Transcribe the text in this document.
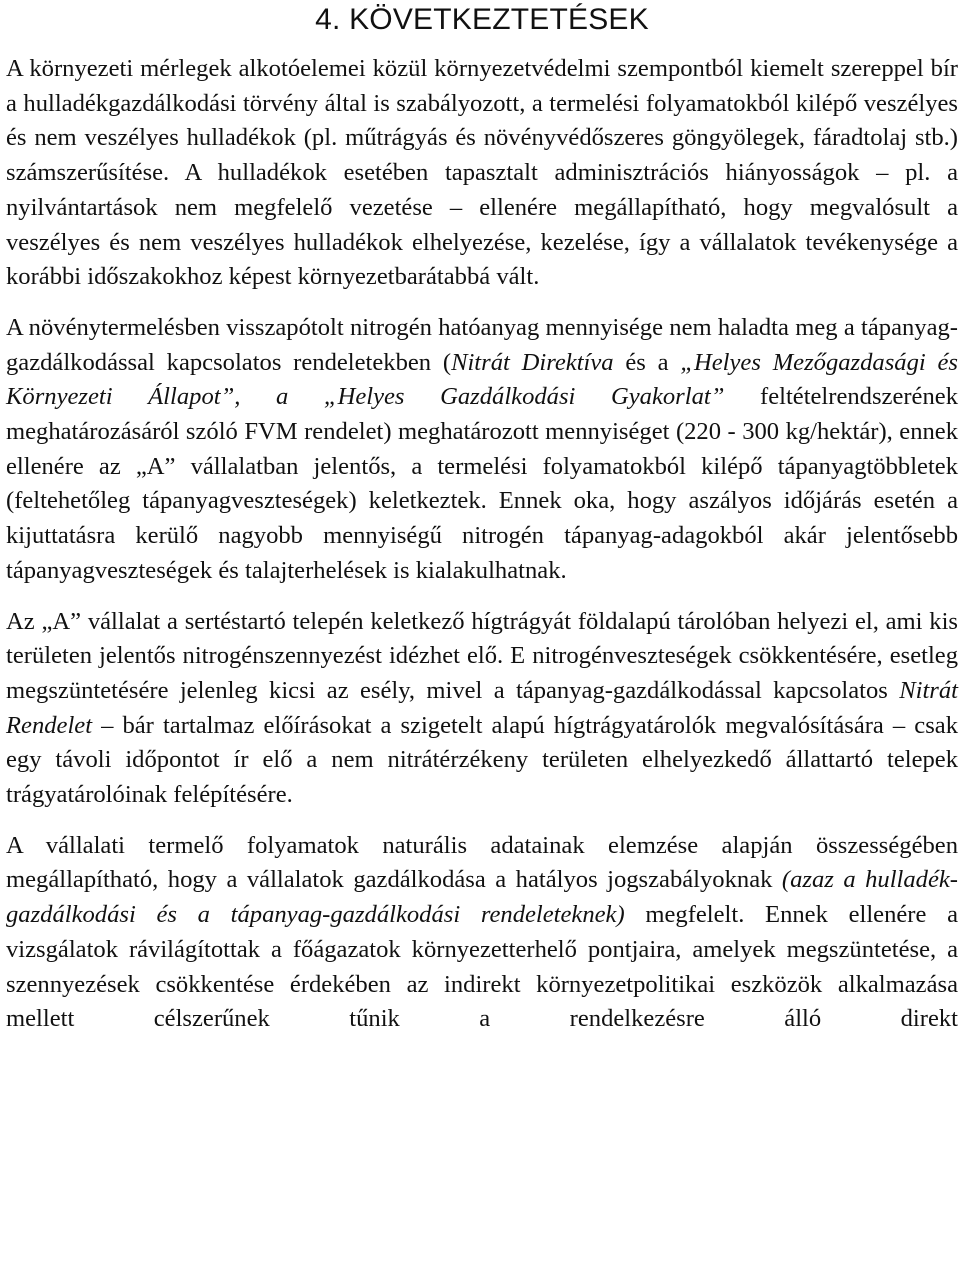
4. KÖVETKEZTETÉSEK

A környezeti mérlegek alkotóelemei közül környezetvédelmi szempontból kiemelt szereppel bír a hulladékgazdálkodási törvény által is szabályozott, a termelési folyamatokból kilépő veszélyes és nem veszélyes hulladékok (pl. műtrágyás és növényvédőszeres göngyölegek, fáradtolaj stb.) számszerűsítése. A hulladékok esetében tapasztalt adminisztrációs hiányosságok – pl. a nyilvántartások nem megfelelő vezetése – ellenére megállapítható, hogy megvalósult a veszélyes és nem veszélyes hulladékok elhelyezése, kezelése, így a vállalatok tevékenysége a korábbi időszakokhoz képest környezetbarátabbá vált.

A növénytermelésben visszapótolt nitrogén hatóanyag mennyisége nem haladta meg a tápanyag-gazdálkodással kapcsolatos rendeletekben (Nitrát Direktíva és a „Helyes Mezőgazdasági és Környezeti Állapot”, a „Helyes Gazdálkodási Gyakorlat” feltételrendszerének meghatározásáról szóló FVM rendelet) meghatározott mennyiséget (220 - 300 kg/hektár), ennek ellenére az „A” vállalatban jelentős, a termelési folyamatokból kilépő tápanyagtöbbletek (feltehetőleg tápanyagveszteségek) keletkeztek. Ennek oka, hogy aszályos időjárás esetén a kijuttatásra kerülő nagyobb mennyiségű nitrogén tápanyag-adagokból akár jelentősebb tápanyagveszteségek és talajterhelések is kialakulhatnak.

Az „A” vállalat a sertéstartó telepén keletkező hígtrágyát földalapú tárolóban helyezi el, ami kis területen jelentős nitrogénszennyezést idézhet elő. E nitrogénveszteségek csökkentésére, esetleg megszüntetésére jelenleg kicsi az esély, mivel a tápanyag-gazdálkodással kapcsolatos Nitrát Rendelet – bár tartalmaz előírásokat a szigetelt alapú hígtrágyatárolók megvalósítására – csak egy távoli időpontot ír elő a nem nitrátérzékeny területen elhelyezkedő állattartó telepek trágyatárolóinak felépítésére.

A vállalati termelő folyamatok naturális adatainak elemzése alapján összességében megállapítható, hogy a vállalatok gazdálkodása a hatályos jogszabályoknak (azaz a hulladék-gazdálkodási és a tápanyag-gazdálkodási rendeleteknek) megfelelt. Ennek ellenére a vizsgálatok rávilágítottak a főágazatok környezetterhelő pontjaira, amelyek megszüntetése, a szennyezések csökkentése érdekében az indirekt környezetpolitikai eszközök alkalmazása mellett célszerűnek tűnik a rendelkezésre álló direkt
